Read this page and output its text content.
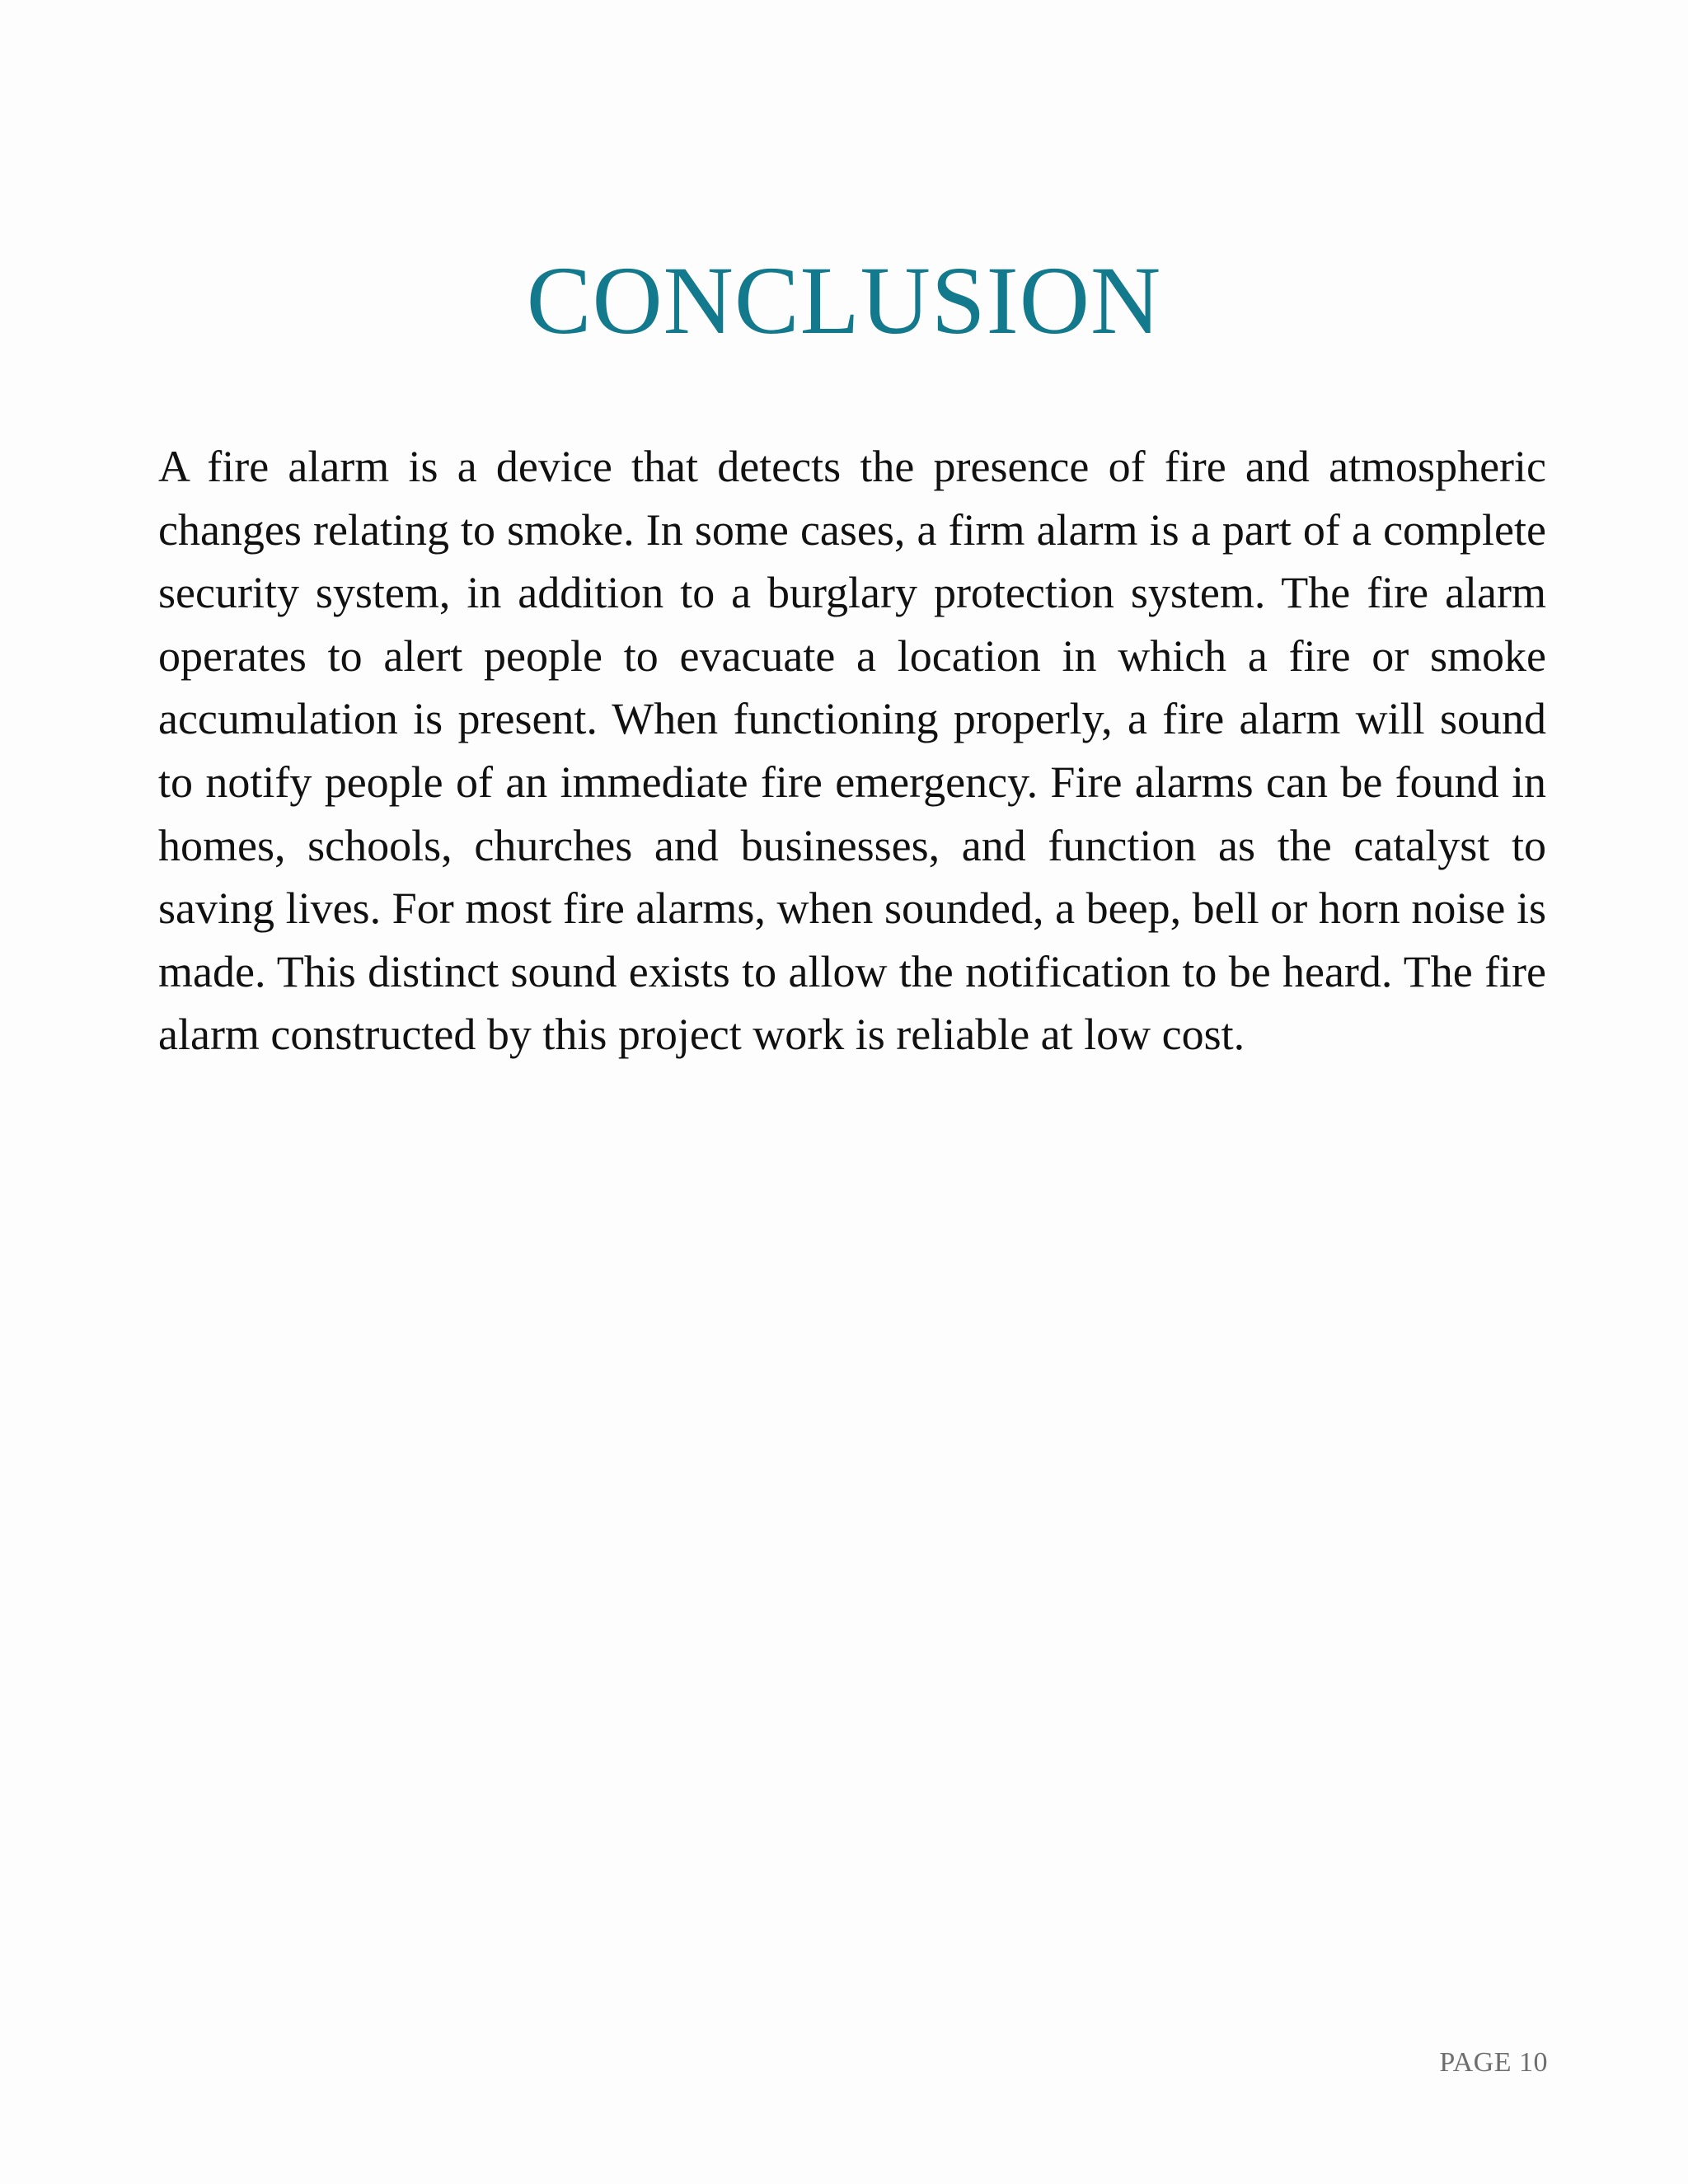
CONCLUSION

A fire alarm is a device that detects the presence of fire and atmospheric changes relating to smoke. In some cases, a firm alarm is a part of a complete security system, in addition to a burglary protection system. The fire alarm operates to alert people to evacuate a location in which a fire or smoke accumulation is present. When functioning properly, a fire alarm will sound to notify people of an immediate fire emergency. Fire alarms can be found in homes, schools, churches and businesses, and function as the catalyst to saving lives. For most fire alarms, when sounded, a beep, bell or horn noise is made. This distinct sound exists to allow the notification to be heard. The fire alarm constructed by this project work is reliable at low cost.

PAGE 10
